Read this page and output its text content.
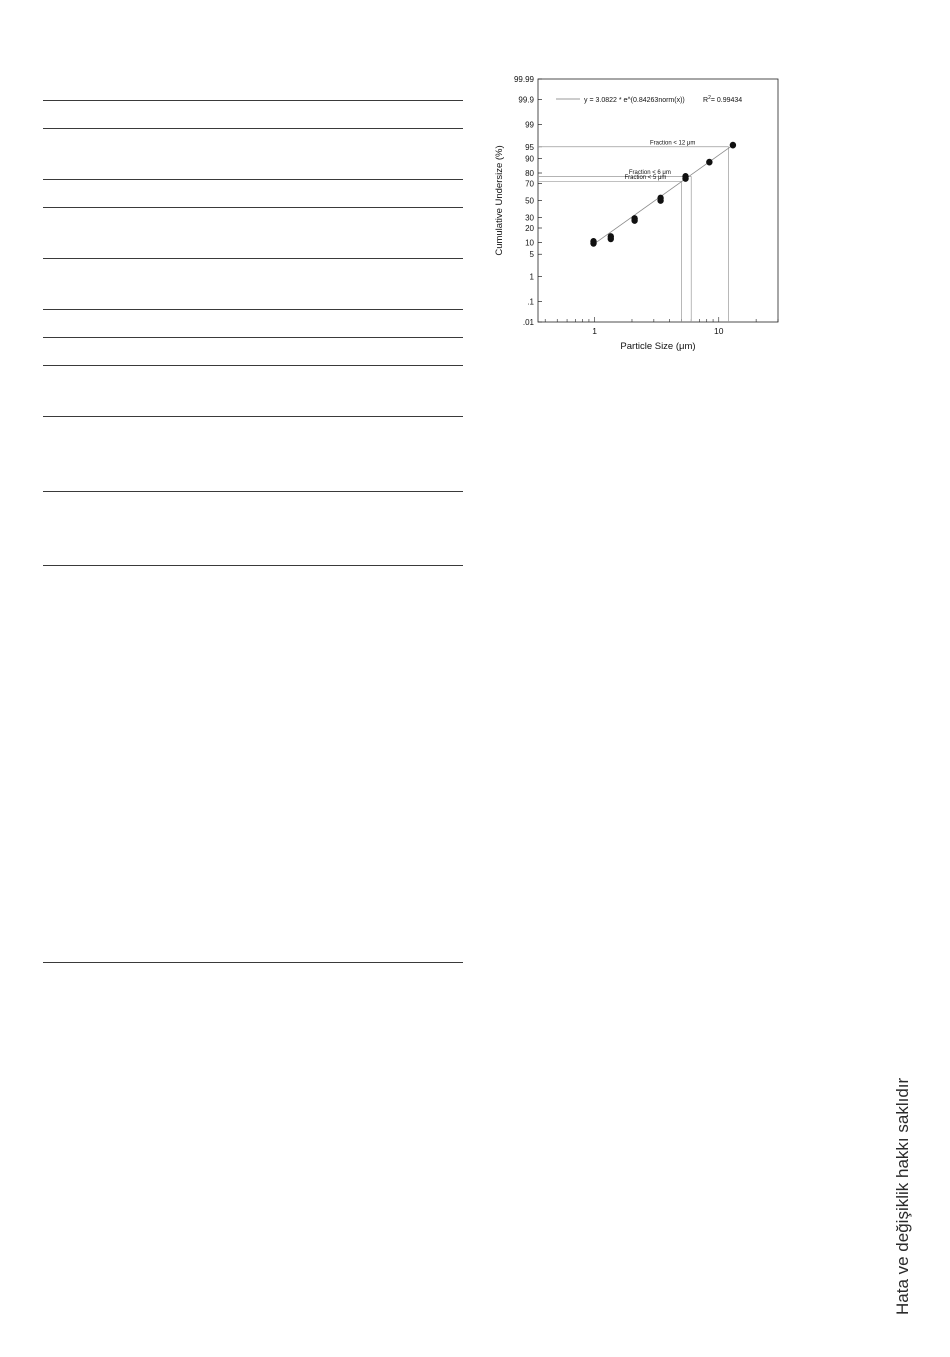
99.99
99.9
99
95
90
80
70
50
30
20
10
5
1
.1
.01
1	10
Particle Size (μm)
Cumulative Undersize (%)
y = 3.0822 * e^(0.84263norm(x))	$R^2= 0.99434$
Fraction < 12 μm
Fraction < 6 μm
Fraction < 5 μm
Hata ve değişiklik hakkı saklıdır
